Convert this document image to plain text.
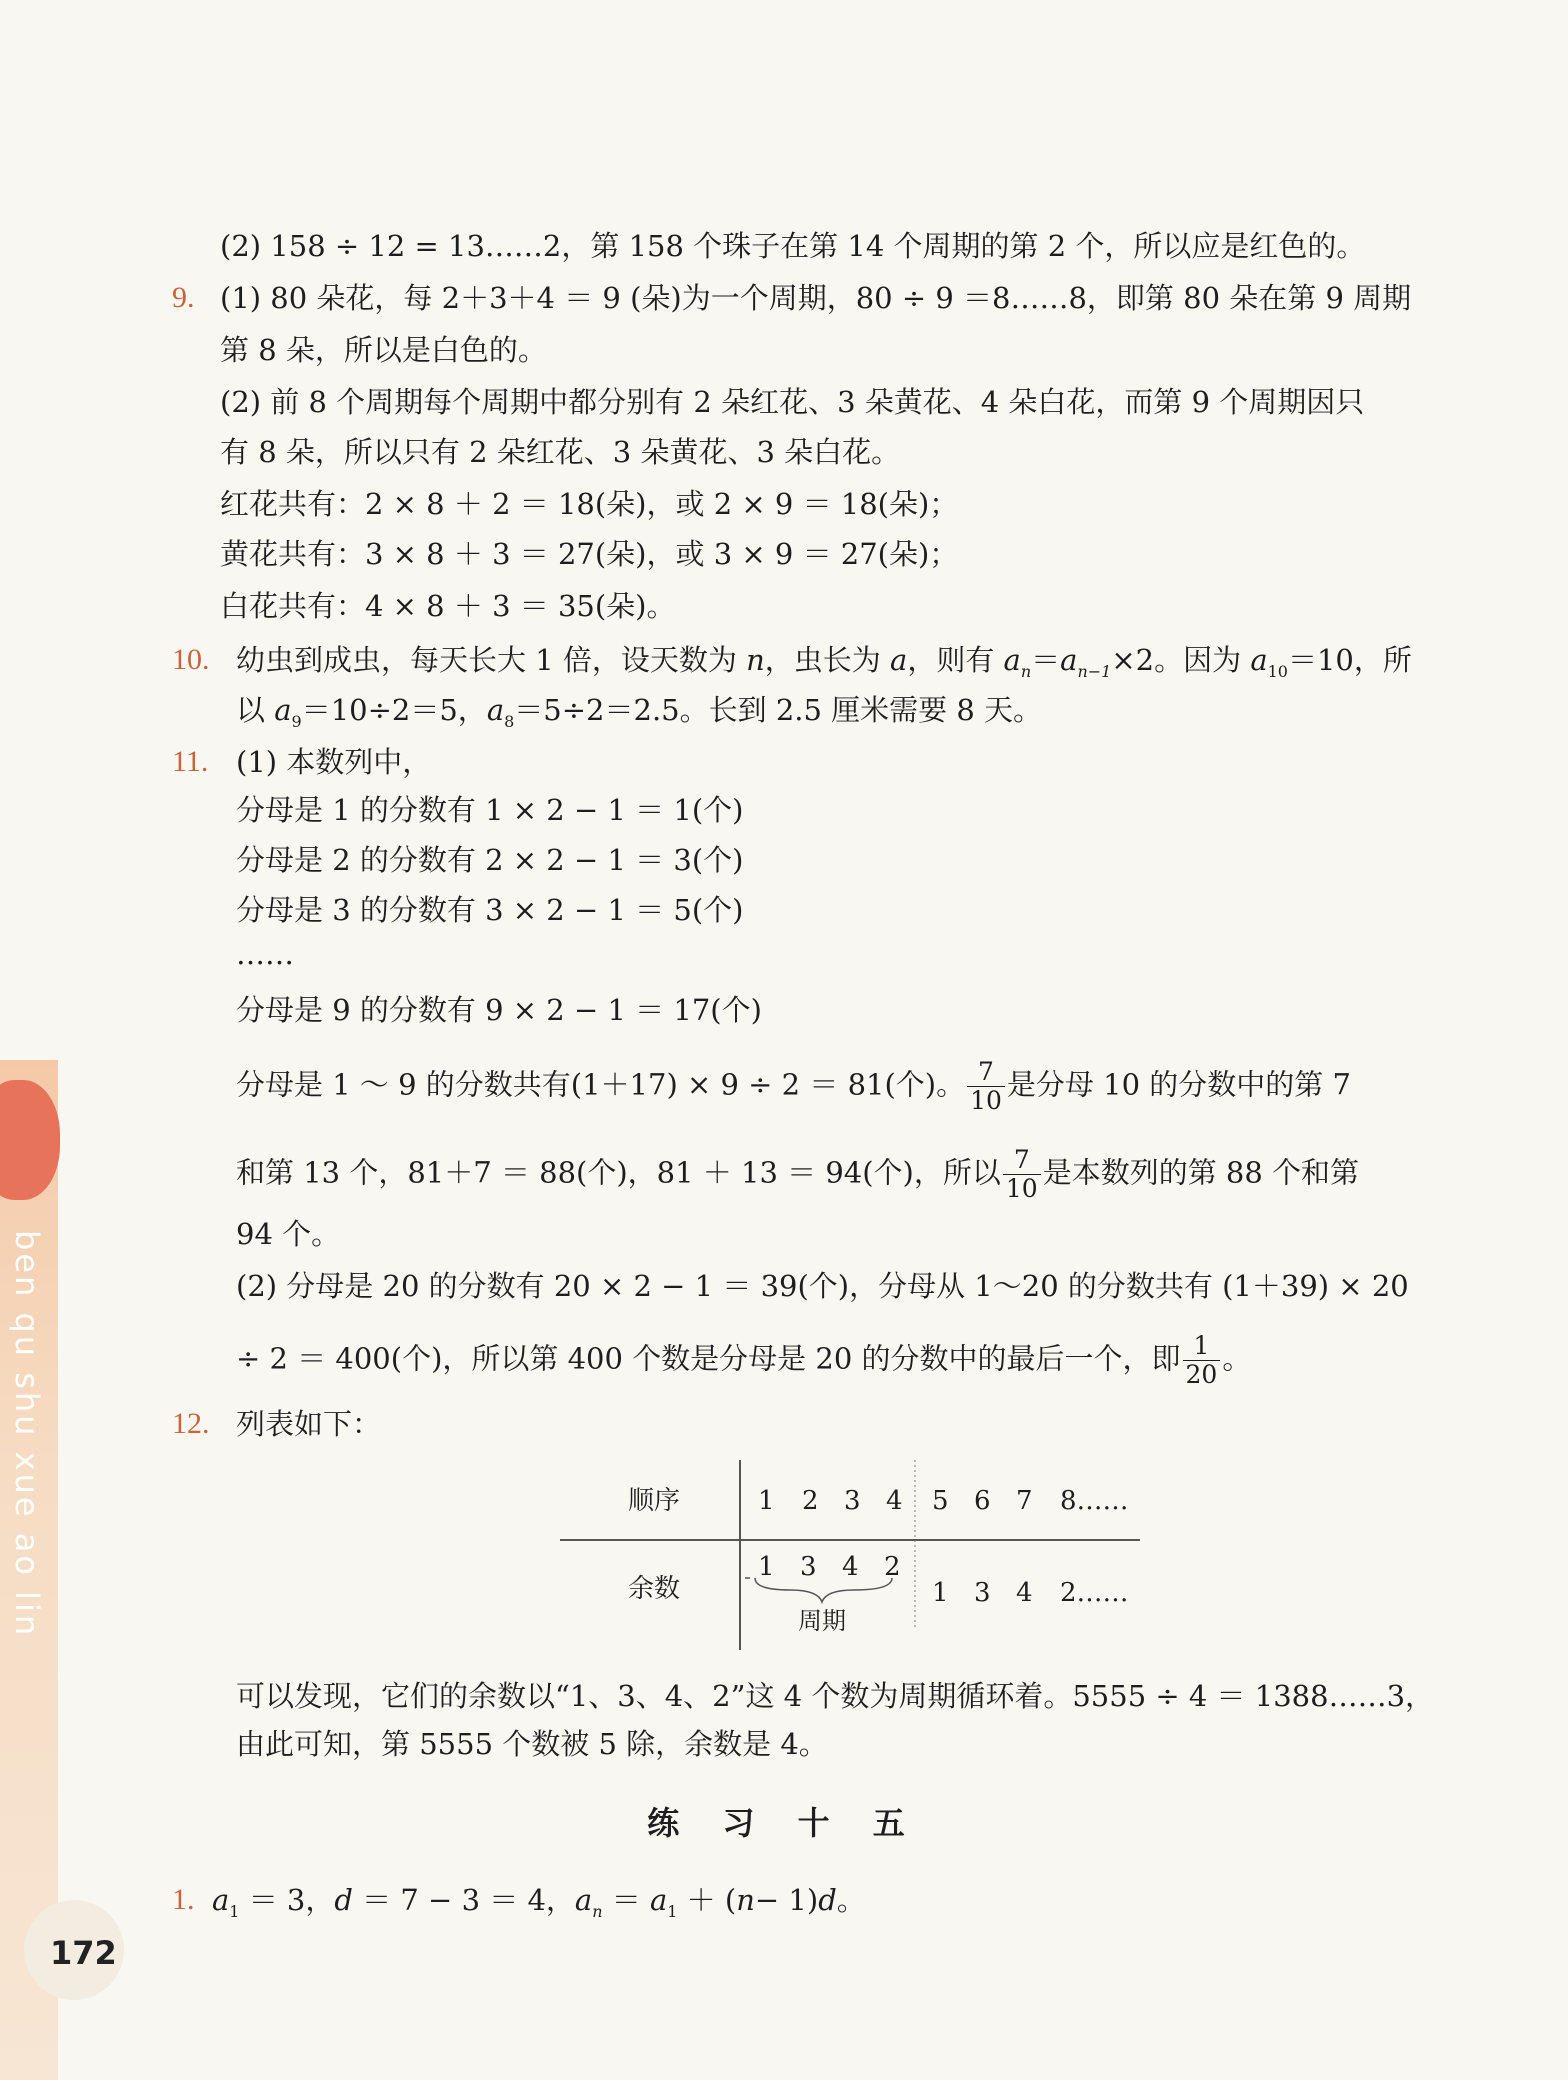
ben qu shu xue ao lin
(2) 158 ÷ 12 = 13……2，第 158 个珠子在第 14 个周期的第 2 个，所以应是红色的。
9. (1) 80 朵花，每 2＋3＋4 ＝ 9 (朵)为一个周期，80 ÷ 9 ＝8……8，即第 80 朵在第 9 周期
第 8 朵，所以是白色的。
(2) 前 8 个周期每个周期中都分别有 2 朵红花、3 朵黄花、4 朵白花，而第 9 个周期因只
有 8 朵，所以只有 2 朵红花、3 朵黄花、3 朵白花。
红花共有：2 × 8 ＋ 2 ＝ 18(朵)，或 2 × 9 ＝ 18(朵)；
黄花共有：3 × 8 ＋ 3 ＝ 27(朵)，或 3 × 9 ＝ 27(朵)；
白花共有：4 × 8 ＋ 3 ＝ 35(朵)。
10. 幼虫到成虫，每天长大 1 倍，设天数为 n，虫长为 a，则有 $a_n=a_{n-1}\times 2$。因为 $a_{10}=10$，所
以 $a_9=10\div 2=5$，$a_8=5\div 2=2.5$。长到 2.5 厘米需要 8 天。
11. (1) 本数列中，
分母是 1 的分数有 1 × 2 − 1 ＝ 1(个)
分母是 2 的分数有 2 × 2 − 1 ＝ 3(个)
分母是 3 的分数有 3 × 2 − 1 ＝ 5(个)
……
分母是 9 的分数有 9 × 2 − 1 ＝ 17(个)
分母是 1 ～ 9 的分数共有(1＋17) × 9 ÷ 2 ＝ 81(个)。 $\frac{7}{10}$ 是分母 10 的分数中的第 7
和第 13 个，81＋7 ＝ 88(个)，81 ＋ 13 ＝ 94(个)，所以 $\frac{7}{10}$ 是本数列的第 88 个和第
94 个。
(2) 分母是 20 的分数有 20 × 2 − 1 ＝ 39(个)，分母从 1～20 的分数共有 (1＋39) × 20
÷ 2 ＝ 400(个)，所以第 400 个数是分母是 20 的分数中的最后一个，即 $\frac{1}{20}$ 。
12. 列表如下：
顺序
余数
1 2 3 4 5 6 7 8……
1 3 4 2
1 3 4 2……
周期
可以发现，它们的余数以“1、3、4、2”这 4 个数为周期循环着。5555 ÷ 4 ＝ 1388……3，
由此可知，第 5555 个数被 5 除，余数是 4。
练 习 十 五
1. $a_1 = 3$，d ＝ 7 − 3 ＝ 4，$a_n = a_1 + (n- 1)d$。
172
